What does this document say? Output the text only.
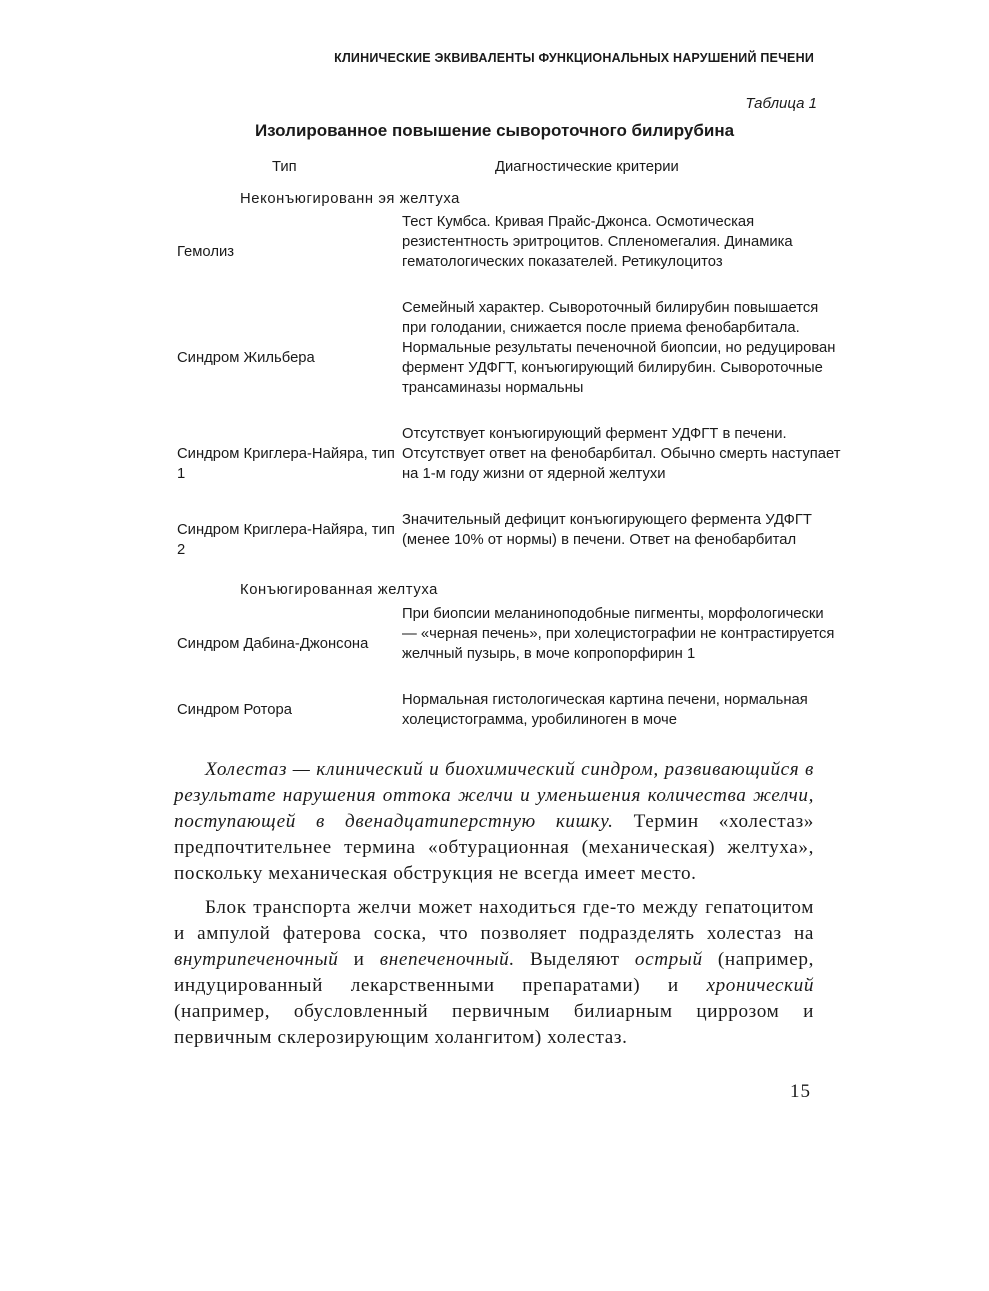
КЛИНИЧЕСКИЕ ЭКВИВАЛЕНТЫ ФУНКЦИОНАЛЬНЫХ НАРУШЕНИЙ ПЕЧЕНИ
Таблица 1
Изолированное повышение сывороточного билирубина
Тип	Диагностические критерии
Неконъюгированн эя желтуха
Гемолиз
Тест Кумбса. Кривая Прайс-Джонса. Осмотическая резистентность эритроцитов. Спленомегалия. Динамика гематологических показателей. Ретикулоцитоз
Синдром Жильбера
Семейный характер. Сывороточный билирубин повышается при голодании, снижается после приема фенобарбитала. Нормальные результаты печеночной биопсии, но редуцирован фермент УДФГТ, конъюгирующий билирубин. Сывороточные трансаминазы нормальны
Синдром Криглера-Найяра, тип 1
Отсутствует конъюгирующий фермент УДФГТ в печени. Отсутствует ответ на фенобарбитал. Обычно смерть наступает на 1-м году жизни от ядерной желтухи
Синдром Криглера-Найяра, тип 2
Значительный дефицит конъюгирующего фермента УДФГТ (менее 10% от нормы) в печени. Ответ на фенобарбитал
Конъюгированная желтуха
Синдром Дабина-Джонсона
При биопсии меланиноподобные пигменты, морфологически — «черная печень», при холецистографии не контрастируется желчный пузырь, в моче копропорфирин 1
Синдром Ротора
Нормальная гистологическая картина печени, нормальная холецистограмма, уробилиноген в моче

Холестаз — клинический и биохимический синдром, развивающийся в результате нарушения оттока желчи и уменьшения количества желчи, поступающей в двенадцатиперстную кишку. Термин «холестаз» предпочтительнее термина «обтурационная (механическая) желтуха», поскольку механическая обструкция не всегда имеет место.

Блок транспорта желчи может находиться где-то между гепатоцитом и ампулой фатерова соска, что позволяет подразделять холестаз на внутрипеченочный и внепеченочный. Выделяют острый (например, индуцированный лекарственными препаратами) и хронический (например, обусловленный первичным билиарным циррозом и первичным склерозирующим холангитом) холестаз.

15
